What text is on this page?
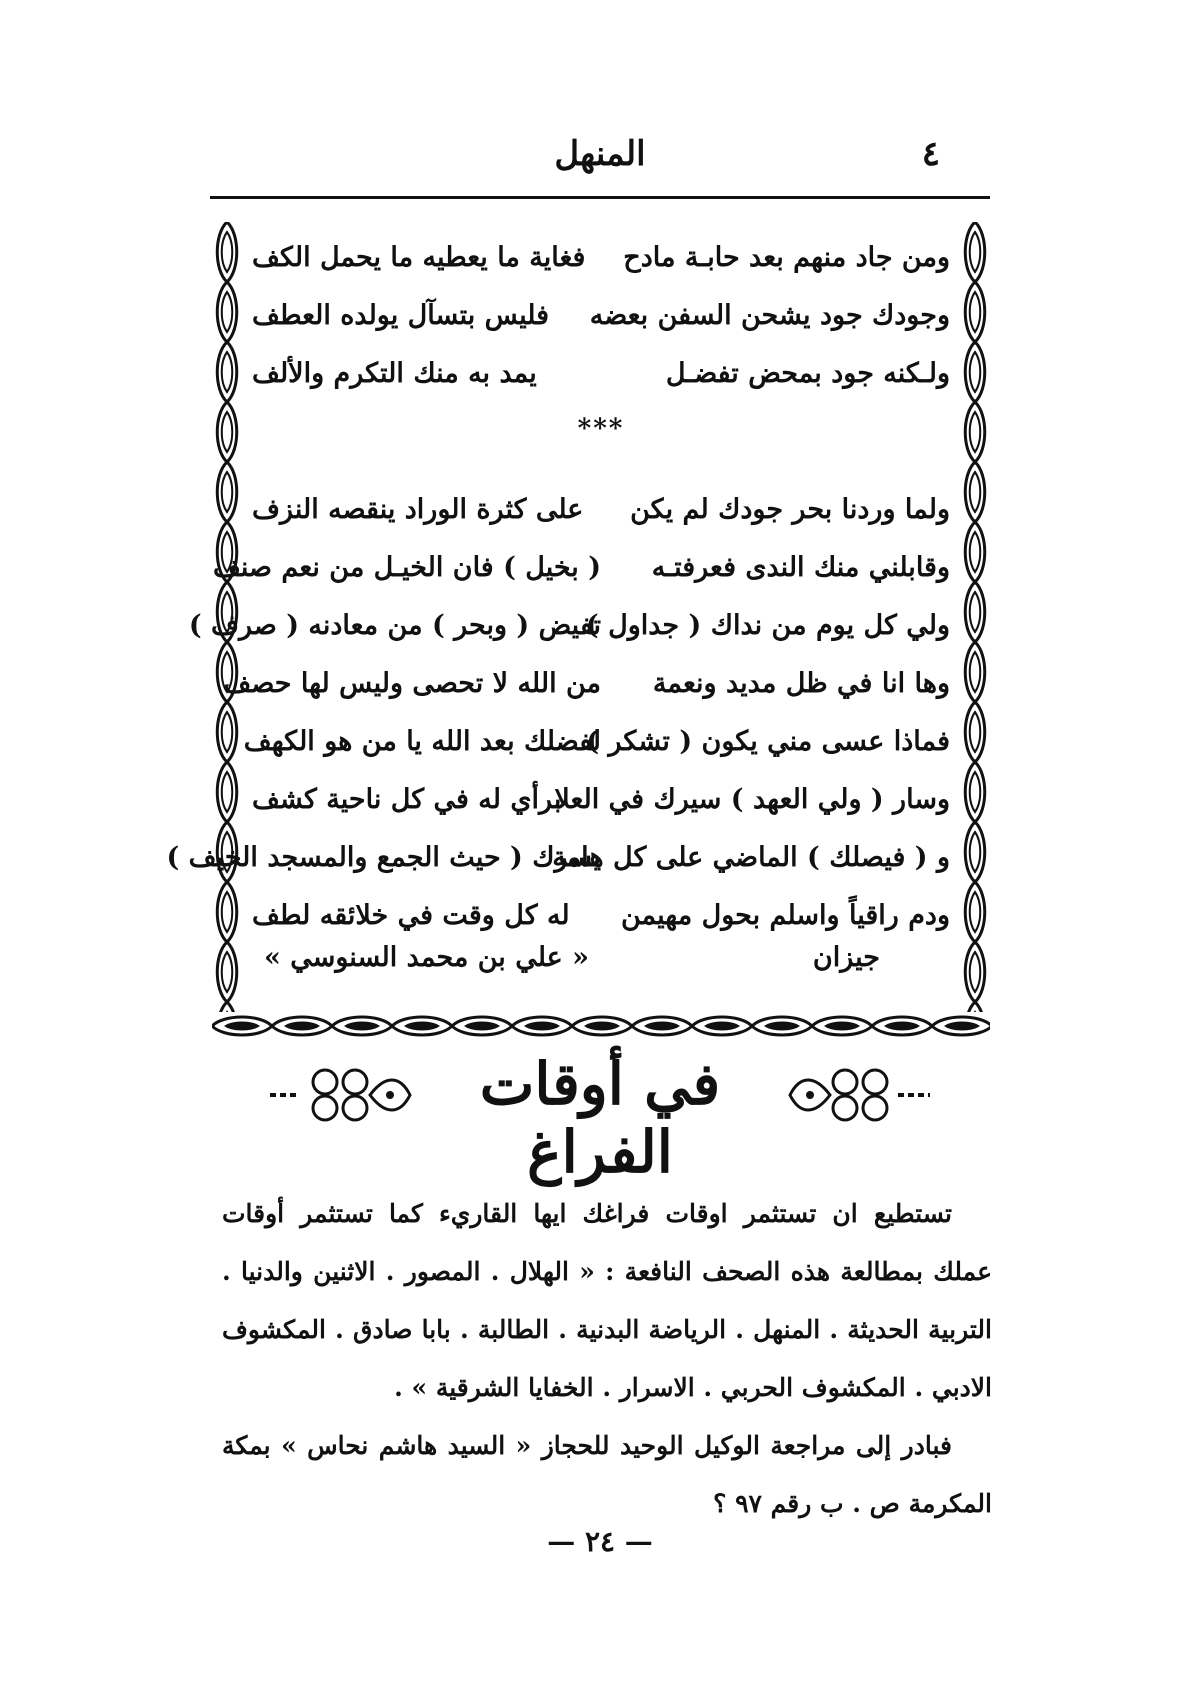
٤
المنهل
ومن جاد منهم بعد حابـة مادح
فغاية ما يعطيه ما يحمل الكف
وجودك جود يشحن السفن بعضه
فليس بتسآل يولده العطف
ولـكنه جود بمحض تفضـل
يمد به منك التكرم والألف
***
ولما وردنا بحر جودك لم يكن
على كثرة الوراد ينقصه النزف
وقابلني منك الندى فعرفتـه
( بخيل ) فان الخيـل من نعم صنف
ولي كل يوم من نداك ( جداول )
تفيض ( وبحر ) من معادنه ( صرف )
وها انا في ظل مديد ونعمة
من الله لا تحصى وليس لها حصف
فماذا عسى مني يكون ( تشكر )
لفضلك بعد الله يا من هو الكهف
وسار ( ولي العهد ) سيرك في العلا
برأي له في كل ناحية كشف
و ( فيصلك ) الماضي على كل هامة
يسرك ( حيث الجمع والمسجد الخيف )
ودم راقياً واسلم بحول مهيمن
له كل وقت في خلائقه لطف
جيزان
« علي بن محمد السنوسي »
في أوقات الفراغ

تستطيع ان تستثمر اوقات فراغك ايها القاريء كما تستثمر أوقات عملك بمطالعة هذه الصحف النافعة : « الهلال . المصور . الاثنين والدنيا . التربية الحديثة . المنهل . الرياضة البدنية . الطالبة . بابا صادق . المكشوف الادبي . المكشوف الحربي . الاسرار . الخفايا الشرقية » .

فبادر إلى مراجعة الوكيل الوحيد للحجاز « السيد هاشم نحاس » بمكة المكرمة ص . ب رقم ٩٧ ؟

— ٢٤ —
